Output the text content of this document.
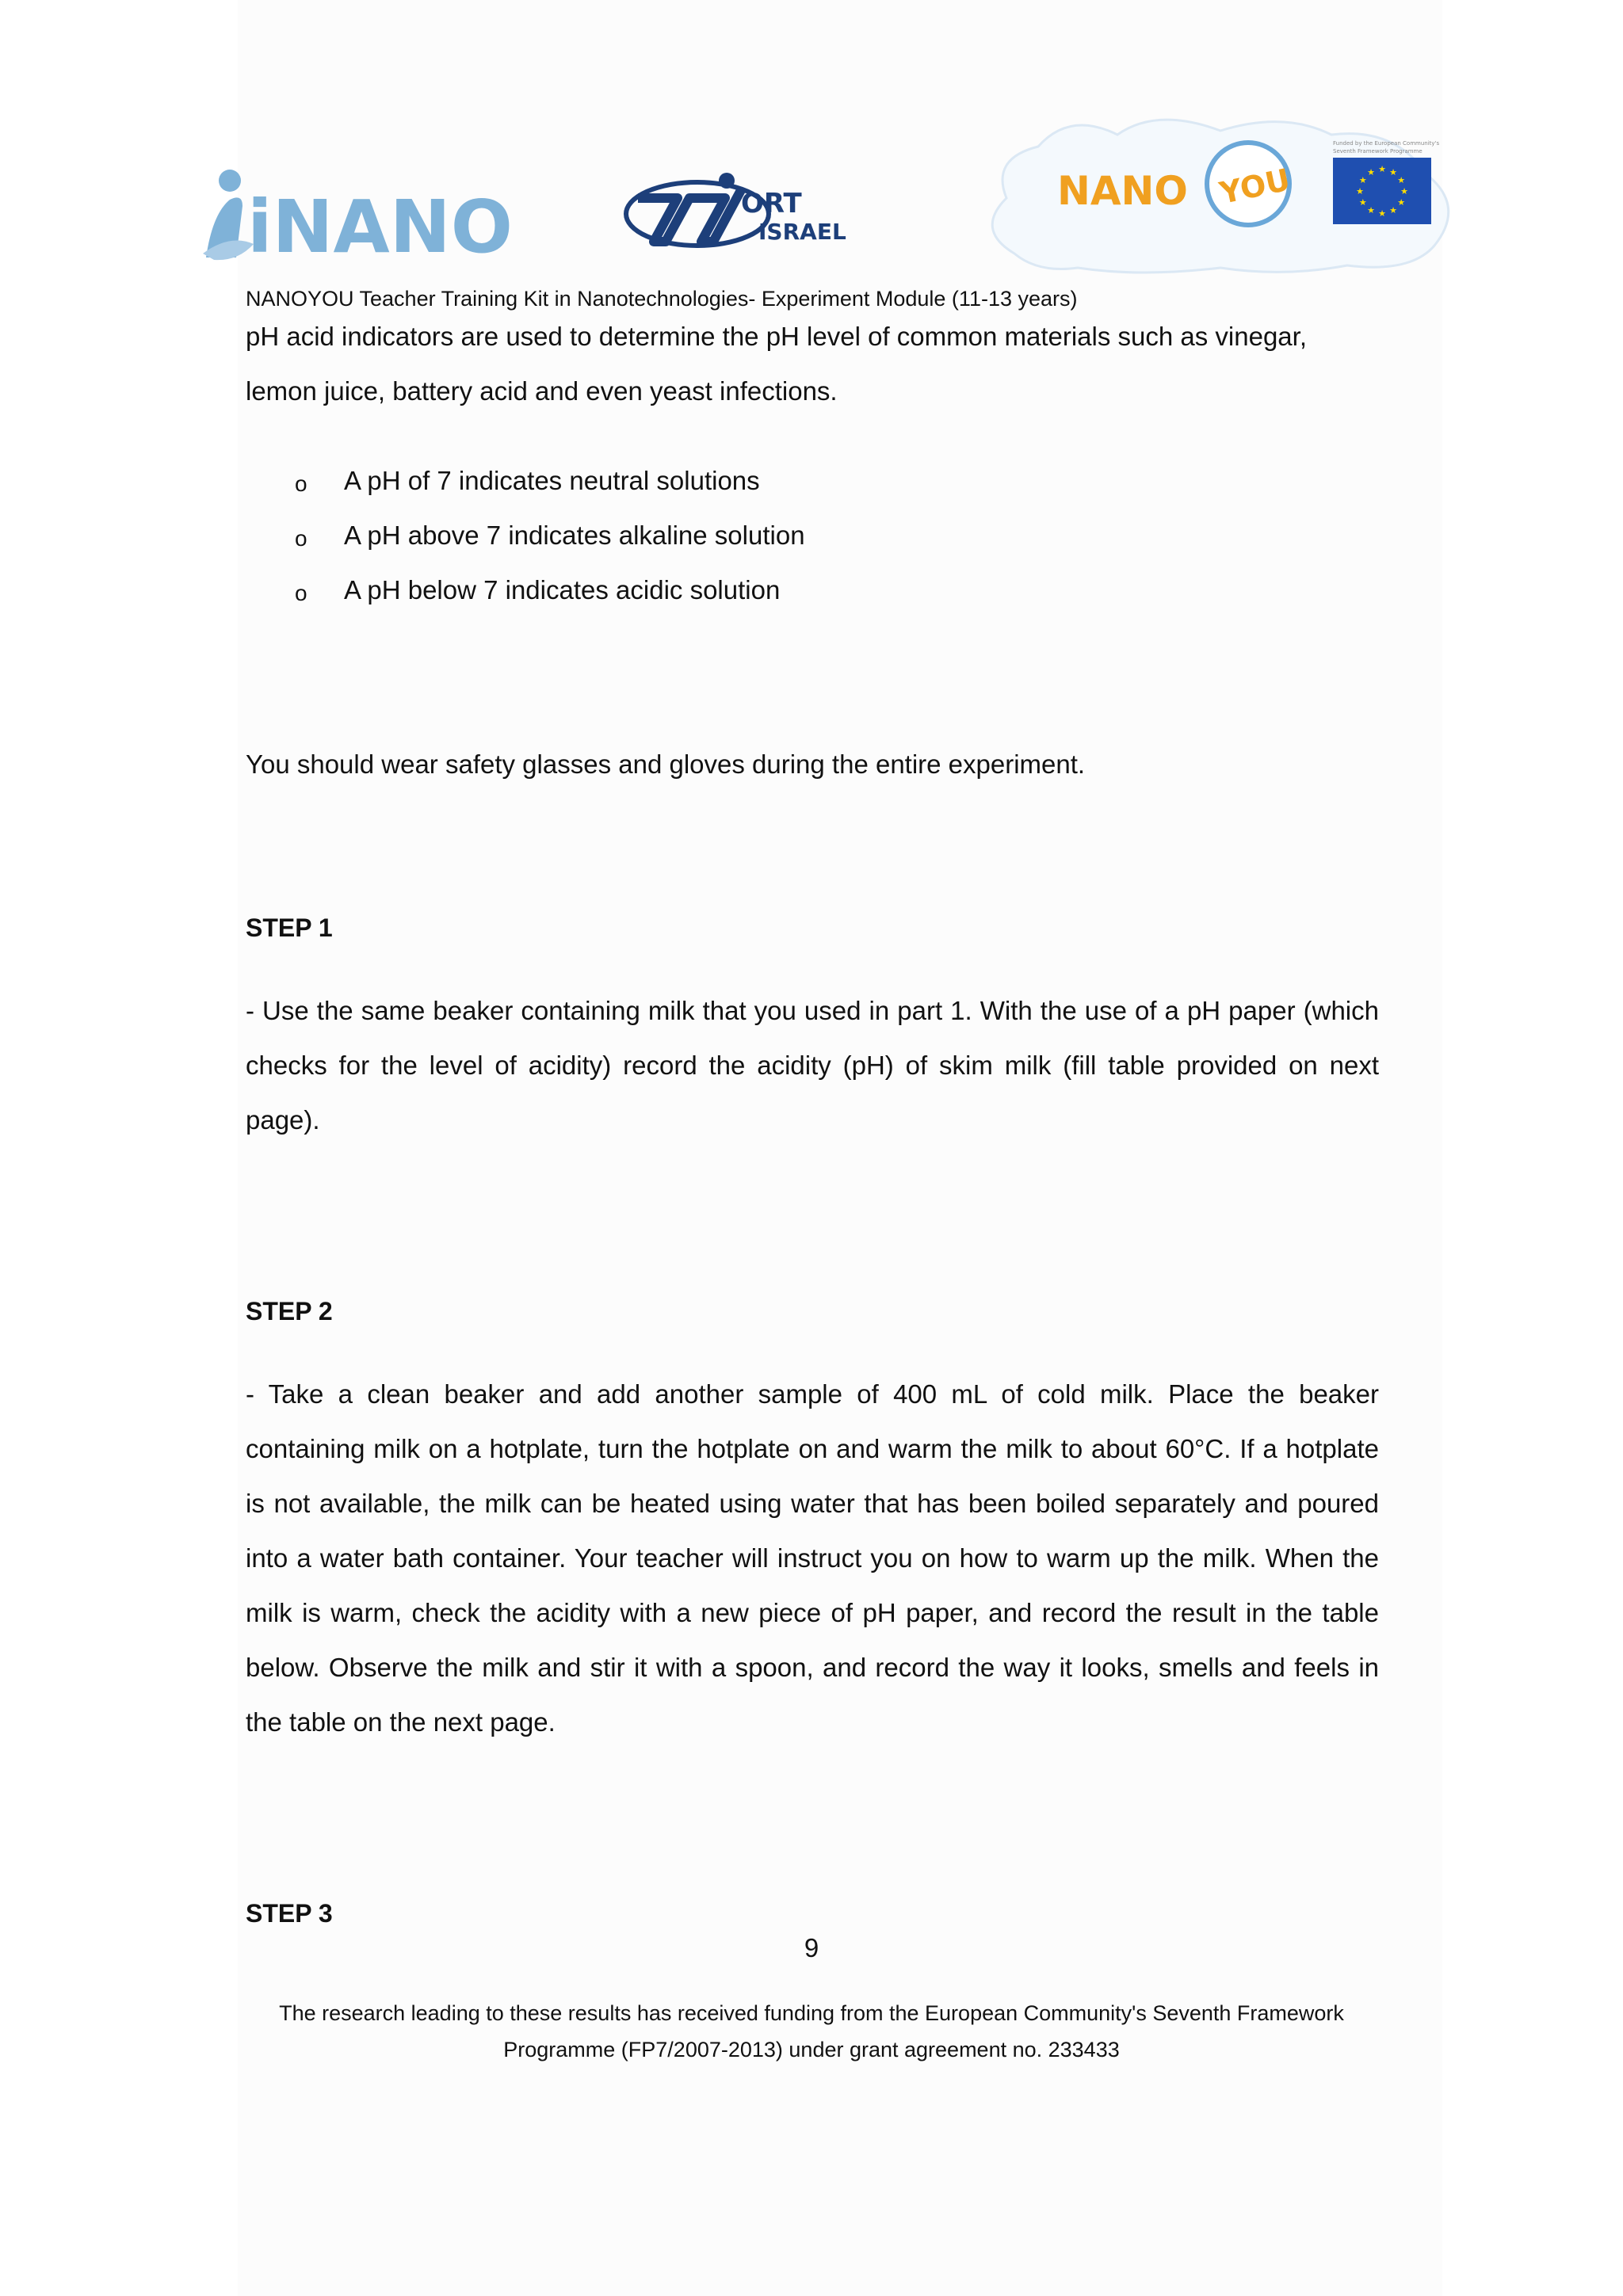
iNANO	ORT
ISRAEL
NANO YOU
Funded by the European Community's
Seventh Framework Programme
★ ★
★
★
★
★
★
★
★
★
★
★
NANOYOU Teacher Training Kit in Nanotechnologies- Experiment Module (11-13 years)

pH acid indicators are used to determine the pH level of common materials such as vinegar,

lemon juice, battery acid and even yeast infections.

o A pH of 7 indicates neutral solutions
o A pH above 7 indicates alkaline solution
o A pH below 7 indicates acidic solution

You should wear safety glasses and gloves during the entire experiment.

STEP 1

- Use the same beaker containing milk that you used in part 1. With the use of a pH paper (which checks for the level of acidity) record the acidity (pH) of skim milk (fill table provided on next page).

STEP 2

- Take a clean beaker and add another sample of 400 mL of cold milk. Place the beaker containing milk on a hotplate, turn the hotplate on and warm the milk to about 60°C. If a hotplate is not available, the milk can be heated using water that has been boiled separately and poured into a water bath container. Your teacher will instruct you on how to warm up the milk. When the milk is warm, check the acidity with a new piece of pH paper, and record the result in the table below. Observe the milk and stir it with a spoon, and record the way it looks, smells and feels in the table on the next page.

STEP 3

9
The research leading to these results has received funding from the European Community's Seventh Framework
Programme (FP7/2007-2013) under grant agreement no. 233433
